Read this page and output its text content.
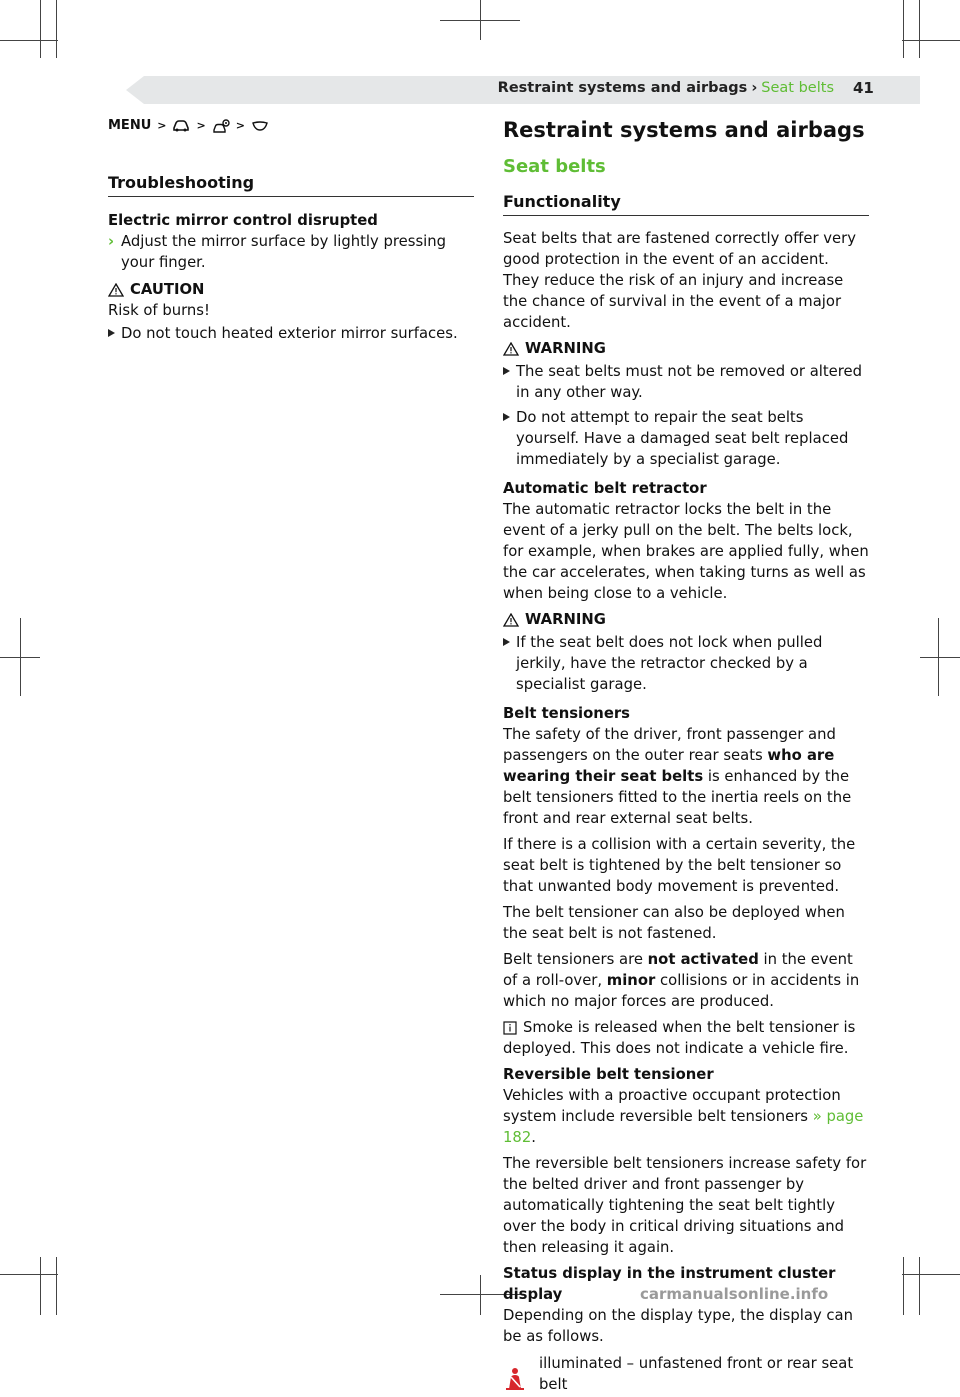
Restraint systems and airbags › Seat belts 41
MENU >	>	>
Troubleshooting

Electric mirror control disrupted

› Adjust the mirror surface by lightly pressing your finger.
CAUTION

Risk of burns!

Do not touch heated exterior mirror surfaces.
Restraint systems and airbags
Seat belts
Functionality

Seat belts that are fastened correctly offer very good protection in the event of an accident. They reduce the risk of an injury and increase the chance of survival in the event of a major accident.

WARNING
The seat belts must not be removed or altered in any other way.
Do not attempt to repair the seat belts yourself. Have a damaged seat belt replaced immediately by a specialist garage.

Automatic belt retractor

The automatic retractor locks the belt in the event of a jerky pull on the belt. The belts lock, for example, when brakes are applied fully, when the car accelerates, when taking turns as well as when being close to a vehicle.

WARNING
If the seat belt does not lock when pulled jerkily, have the retractor checked by a specialist garage.

Belt tensioners

The safety of the driver, front passenger and passengers on the outer rear seats who are wearing their seat belts is enhanced by the belt tensioners fitted to the inertia reels on the front and rear external seat belts.

If there is a collision with a certain severity, the seat belt is tightened by the belt tensioner so that unwanted body movement is prevented.

The belt tensioner can also be deployed when the seat belt is not fastened.

Belt tensioners are not activated in the event of a roll-over, minor collisions or in accidents in which no major forces are produced.

Smoke is released when the belt tensioner is deployed. This does not indicate a vehicle fire.

Reversible belt tensioner

Vehicles with a proactive occupant protection system include reversible belt tensioners » page 182.

The reversible belt tensioners increase safety for the belted driver and front passenger by automatically tightening the seat belt tightly over the body in critical driving situations and then releasing it again.

Status display in the instrument cluster display

Depending on the display type, the display can be as follows.

illuminated – unfastened front or rear seat belt
carmanualsonline.info
